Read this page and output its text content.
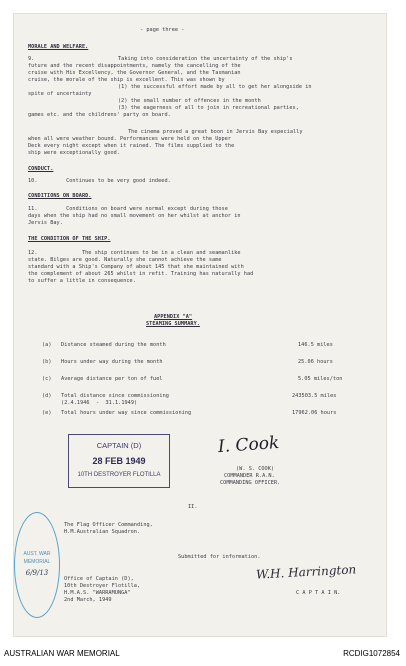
- page three -
MORALE AND WELFARE.
9.	Taking into consideration the uncertainty of the ship's
future and the recent disappointments, namely the cancelling of the
cruise with His Excellency, the Governor General, and the Tasmanian
cruise, the morale of the ship is excellent. This was shown by
(1) the successful effort made by all to get her alongside in
spite of uncertainty
(2) the small number of offences in the month
(3) the eagerness of all to join in recreational parties,
games etc. and the childrens' party on board.
The cinema proved a great boon in Jervis Bay especially
when all were weather bound. Performances were held on the Upper
Deck every night except when it rained. The films supplied to the
ship were exceptionally good.
CONDUCT.
10.         Continues to be very good indeed.
CONDITIONS ON BOARD.
11.         Conditions on board were normal except during those
days when the ship had no small movement on her whilst at anchor in
Jervis Bay.
THE CONDITION OF THE SHIP.
12.              The ship continues to be in a clean and seamanlike
state. Bilges are good. Naturally she cannot achieve the same
standard with a Ship's Company of about 145 that she maintained with
the complement of about 265 whilst in refit. Training has naturally had
to suffer a little in consequence.
APPENDIX "A"
STEAMING SUMMARY.
(a)   Distance steamed during the month	146.5 miles
(b)   Hours under way during the month	25.06 hours
(c)   Average distance per ton of fuel	5.05 miles/ton
(d)   Total distance since commissioning	243503.5 miles
(2.4.1946  -  31.1.1949)
(e)   Total hours under way since commissioning	17962.06 hours
CAPTAIN (D)
28 FEB 1949
10TH DESTROYER FLOTILLA
I. Cook
(W. S. COOK)
COMMANDER R.A.N.
COMMANDING OFFICER.
II.
The Flag Officer Commanding,
H.M.Australian Squadron.
Submitted for information.
Office of Captain (D),
10th Destroyer Flotilla,
H.M.A.S. "WARRAMUNGA"
2nd March, 1949
W.H. Harrington
C A P T A I N.
AUST. WAR
MEMORIAL
6/9/13
AUSTRALIAN WAR MEMORIAL	RCDIG1072854
